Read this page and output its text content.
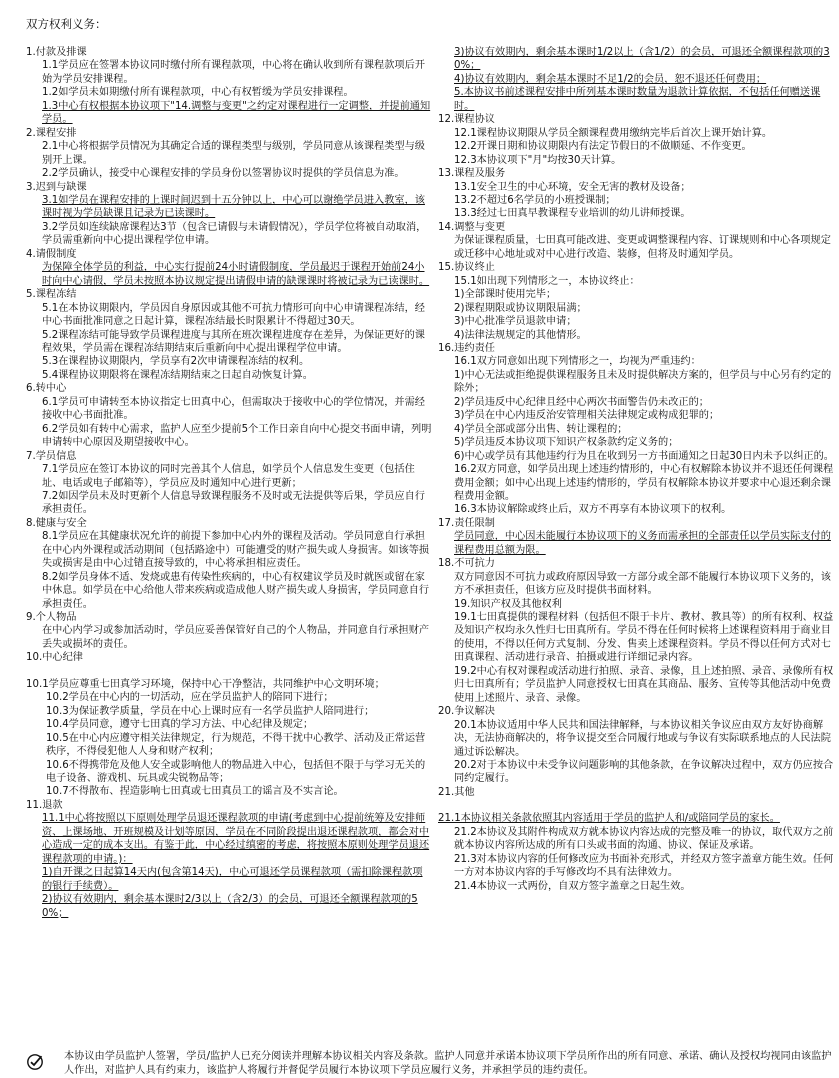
双方权利义务：

1.付款及排课

1.1学员应在签署本协议同时缴付所有课程款项，中心将在确认收到所有课程款项后开始为学员安排课程。

1.2如学员未如期缴付所有课程款项，中心有权暂缓为学员安排课程。

1.3中心有权根据本协议项下"14.调整与变更"之约定对课程进行一定调整，并提前通知学员。

2.课程安排

2.1中心将根据学员情况为其确定合适的课程类型与级别，学员同意从该课程类型与级别开上课。

2.2学员确认，接受中心课程安排的学员身份以签署协议时提供的学员信息为准。

3.迟到与缺课

3.1如学员在课程安排的上课时间迟到十五分钟以上，中心可以谢绝学员进入教室，该课时视为学员缺课且记录为已读课时。

3.2学员如连续缺席课程达3节（包含已请假与未请假情况），学员学位将被自动取消，学员需重新向中心提出课程学位申请。

4.请假制度

为保障全体学员的利益，中心实行提前24小时请假制度，学员最迟于课程开始前24小时向中心请假，学员未按照本协议规定提出请假申请的缺课课时将被记录为已读课时。

5.课程冻结

5.1在本协议期限内，学员因自身原因或其他不可抗力情形可向中心申请课程冻结，经中心书面批准同意之日起计算，课程冻结最长时限累计不得超过30天。

5.2课程冻结可能导致学员课程进度与其所在班次课程进度存在差异，为保证更好的课程效果，学员需在课程冻结期结束后重新向中心提出课程学位申请。

5.3在课程协议期限内，学员享有2次申请课程冻结的权利。

5.4课程协议期限将在课程冻结期结束之日起自动恢复计算。

6.转中心

6.1学员可申请转至本协议指定七田真中心，但需取决于接收中心的学位情况，并需经接收中心书面批准。

6.2学员如有转中心需求，监护人应至少提前5个工作日亲自向中心提交书面申请，列明申请转中心原因及期望接收中心。

7.学员信息

7.1学员应在签订本协议的同时完善其个人信息，如学员个人信息发生变更（包括住址、电话或电子邮箱等），学员应及时通知中心进行更新；

7.2如因学员未及时更新个人信息导致课程服务不及时或无法提供等后果，学员应自行承担责任。

8.健康与安全

8.1学员应在其健康状况允许的前提下参加中心内外的课程及活动。学员同意自行承担在中心内外课程或活动期间（包括路途中）可能遭受的财产损失或人身损害。如该等损失或损害是由中心过错直接导致的，中心将承担相应责任。

8.2如学员身体不适、发烧或患有传染性疾病的，中心有权建议学员及时就医或留在家中休息。如学员在中心给他人带来疾病或造成他人财产损失或人身损害，学员同意自行承担责任。

9.个人物品

在中心内学习或参加活动时，学员应妥善保管好自己的个人物品，并同意自行承担财产丢失或损坏的责任。

10.中心纪律

10.1学员应尊重七田真学习环境，保持中心干净整洁，共同维护中心文明环境；

10.2学员在中心内的一切活动，应在学员监护人的陪同下进行；

10.3为保证教学质量，学员在中心上课时应有一名学员监护人陪同进行；

10.4学员同意，遵守七田真的学习方法、中心纪律及规定；

10.5在中心内应遵守相关法律规定，行为规范，不得干扰中心教学、活动及正常运营秩序，不得侵犯他人人身和财产权利；

10.6不得携带危及他人安全或影响他人的物品进入中心，包括但不限于与学习无关的电子设备、游戏机、玩具或尖锐物品等；

10.7不得散布、捏造影响七田真或七田真员工的谣言及不实言论。

11.退款

11.1中心将按照以下原则处理学员退还课程款项的申请(考虑到中心提前统筹及安排师资、上课场地、开班规模及计划等原因，学员在不同阶段提出退还课程款项，都会对中心造成一定的成本支出。有鉴于此，中心经过缜密的考虑，将按照本原则处理学员退还课程款项的申请。)：

1)自开课之日起算14天内(包含第14天)，中心可退还学员课程款项（需扣除课程款项的银行手续费）。

2)协议有效期内，剩余基本课时2/3以上（含2/3）的会员，可退还全额课程款项的50%；

3)协议有效期内，剩余基本课时1/2以上（含1/2）的会员，可退还全额课程款项的30%；

4)协议有效期内，剩余基本课时不足1/2的会员，恕不退还任何费用；

5.本协议书前述课程安排中所列基本课时数量为退款计算依据，不包括任何赠送课时。

12.课程协议

12.1课程协议期限从学员全额课程费用缴纳完毕后首次上课开始计算。

12.2开课日期和协议期限内有法定节假日的不做顺延、不作变更。

12.3本协议项下"月"均按30天计算。

13.课程及服务

13.1安全卫生的中心环境，安全无害的教材及设备；

13.2不超过6名学员的小班授课制；

13.3经过七田真早教课程专业培训的幼儿讲师授课。

14.调整与变更

为保证课程质量，七田真可能改进、变更或调整课程内容、订课规则和中心各项规定或迁移中心地址或对中心进行改造、装修，但将及时通知学员。

15.协议终止

15.1如出现下列情形之一，本协议终止：

1)全部课时使用完毕；

2)课程期限或协议期限届满；

3)中心批准学员退款申请；

4)法律法规规定的其他情形。

16.违约责任

16.1双方同意如出现下列情形之一，均视为严重违约：

1)中心无法或拒绝提供课程服务且未及时提供解决方案的，但学员与中心另有约定的除外；

2)学员违反中心纪律且经中心两次书面警告仍未改正的；

3)学员在中心内违反治安管理相关法律规定或构成犯罪的；

4)学员全部或部分出售、转让课程的；

5)学员违反本协议项下知识产权条款约定义务的；

6)中心或学员有其他违约行为且在收到另一方书面通知之日起30日内未予以纠正的。

16.2双方同意，如学员出现上述违约情形的，中心有权解除本协议并不退还任何课程费用金额；如中心出现上述违约情形的，学员有权解除本协议并要求中心退还剩余课程费用金额。

16.3本协议解除或终止后，双方不再享有本协议项下的权利。

17.责任限制

学员同意，中心因未能履行本协议项下的义务而需承担的全部责任以学员实际支付的课程费用总额为限。

18.不可抗力

双方同意因不可抗力或政府原因导致一方部分或全部不能履行本协议项下义务的，该方不承担责任，但该方应及时提供书面材料。

19.知识产权及其他权利

19.1七田真提供的课程材料（包括但不限于卡片、教材、教具等）的所有权利、权益及知识产权均永久性归七田真所有。学员不得在任何时候将上述课程资料用于商业目的使用，不得以任何方式复制、分发、售卖上述课程资料。学员不得以任何方式对七田真课程、活动进行录音、拍摄或进行详细记录内容。

19.2中心有权对课程或活动进行拍照、录音、录像，且上述拍照、录音、录像所有权归七田真所有；学员监护人同意授权七田真在其商品、服务、宣传等其他活动中免费使用上述照片、录音、录像。

20.争议解决

20.1本协议适用中华人民共和国法律解释，与本协议相关争议应由双方友好协商解决，无法协商解决的，将争议提交至合同履行地或与争议有实际联系地点的人民法院通过诉讼解决。

20.2对于本协议中未受争议问题影响的其他条款，在争议解决过程中，双方仍应按合同约定履行。

21.其他

21.1本协议相关条款依照其内容适用于学员的监护人和/或陪同学员的家长。

21.2本协议及其附件构成双方就本协议内容达成的完整及唯一的协议，取代双方之前就本协议内容所达成的所有口头或书面的沟通、协议、保证及承诺。

21.3对本协议内容的任何修改应为书面补充形式，并经双方签字盖章方能生效。任何一方对本协议内容的手写修改均不具有法律效力。

21.4本协议一式两份，自双方签字盖章之日起生效。

本协议由学员监护人签署，学员/监护人已充分阅读并理解本协议相关内容及条款。监护人同意并承诺本协议项下学员所作出的所有同意、承诺、确认及授权均视同由该监护人作出，对监护人具有约束力，该监护人将履行并督促学员履行本协议项下学员应履行义务，并承担学员的违约责任。
